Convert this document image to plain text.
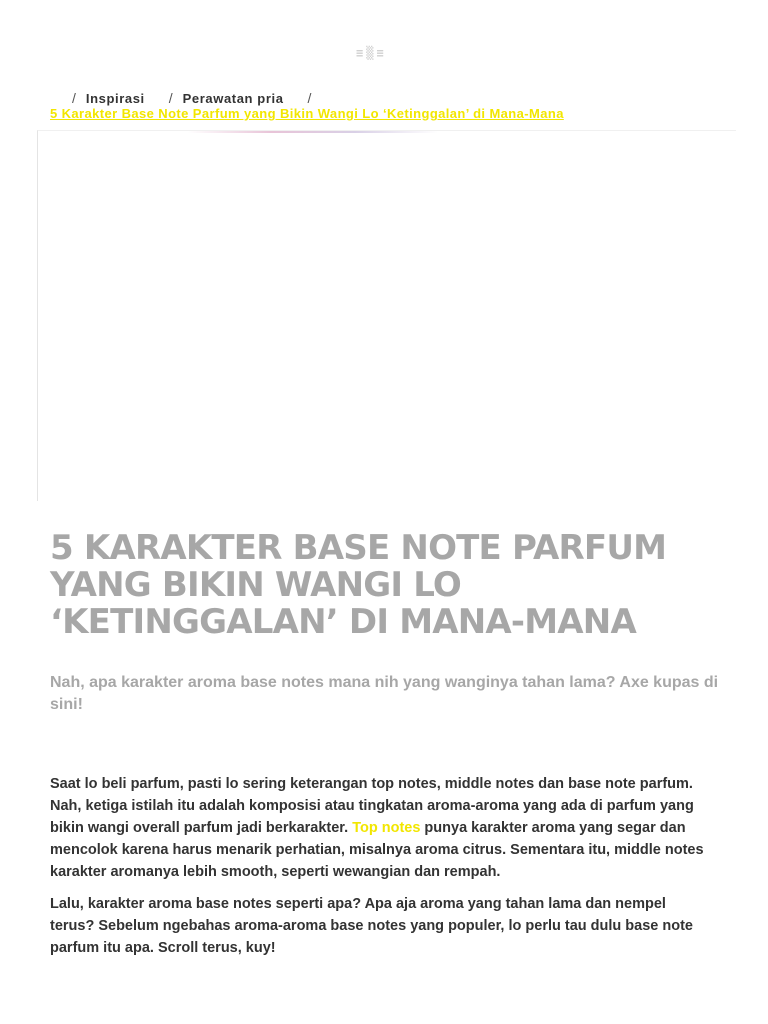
≡ ▒ ≡
/ Inspirasi / Perawatan pria /
5 Karakter Base Note Parfum yang Bikin Wangi Lo ‘Ketinggalan’ di Mana-Mana
5 KARAKTER BASE NOTE PARFUM YANG BIKIN WANGI LO ‘KETINGGALAN’ DI MANA-MANA

Nah, apa karakter aroma base notes mana nih yang wanginya tahan lama? Axe kupas di sini!

Saat lo beli parfum, pasti lo sering keterangan top notes, middle notes dan base note parfum. Nah, ketiga istilah itu adalah komposisi atau tingkatan aroma-aroma yang ada di parfum yang bikin wangi overall parfum jadi berkarakter. Top notes punya karakter aroma yang segar dan mencolok karena harus menarik perhatian, misalnya aroma citrus. Sementara itu, middle notes karakter aromanya lebih smooth, seperti wewangian dan rempah.

Lalu, karakter aroma base notes seperti apa? Apa aja aroma yang tahan lama dan nempel terus? Sebelum ngebahas aroma-aroma base notes yang populer, lo perlu tau dulu base note parfum itu apa. Scroll terus, kuy!
